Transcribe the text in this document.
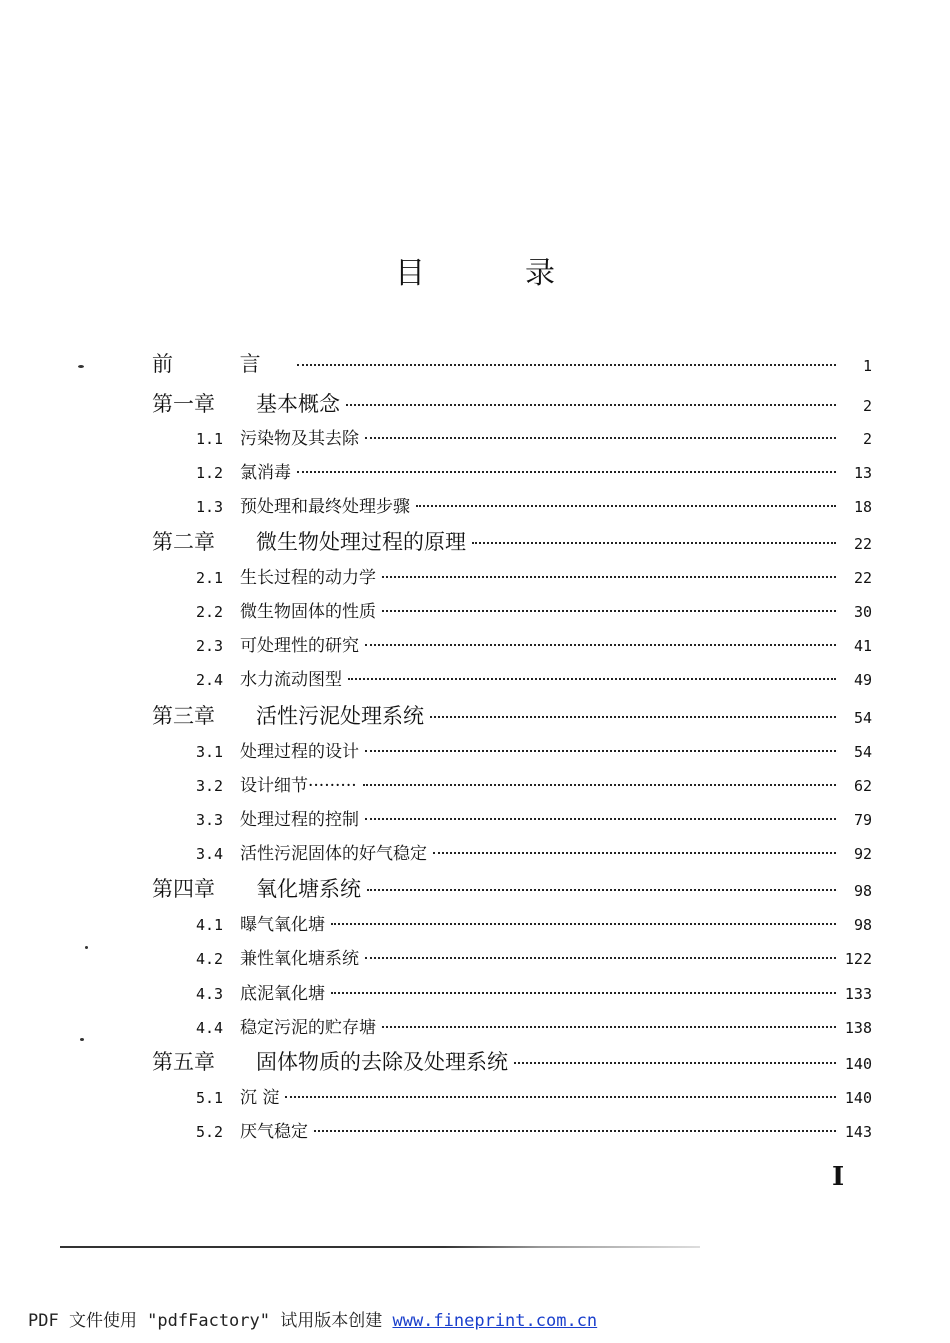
目	录
前 言	1
第一章	基本概念	2
1.1 污染物及其去除	2
1.2 氯消毒	13
1.3 预处理和最终处理步骤	18
第二章	微生物处理过程的原理	22
2.1 生长过程的动力学	22
2.2 微生物固体的性质	30
2.3 可处理性的研究	41
2.4 水力流动图型	49
第三章	活性污泥处理系统	54
3.1 处理过程的设计	54
3.2 设计细节·········	62
3.3 处理过程的控制	79
3.4 活性污泥固体的好气稳定	92
第四章	氧化塘系统	98
4.1 曝气氧化塘	98
4.2 兼性氧化塘系统	122
4.3 底泥氧化塘	133
4.4 稳定污泥的贮存塘	138
第五章	固体物质的去除及处理系统	140
5.1 沉 淀	140
5.2 厌气稳定	143
I
PDF 文件使用 "pdfFactory" 试用版本创建 www.fineprint.com.cn
